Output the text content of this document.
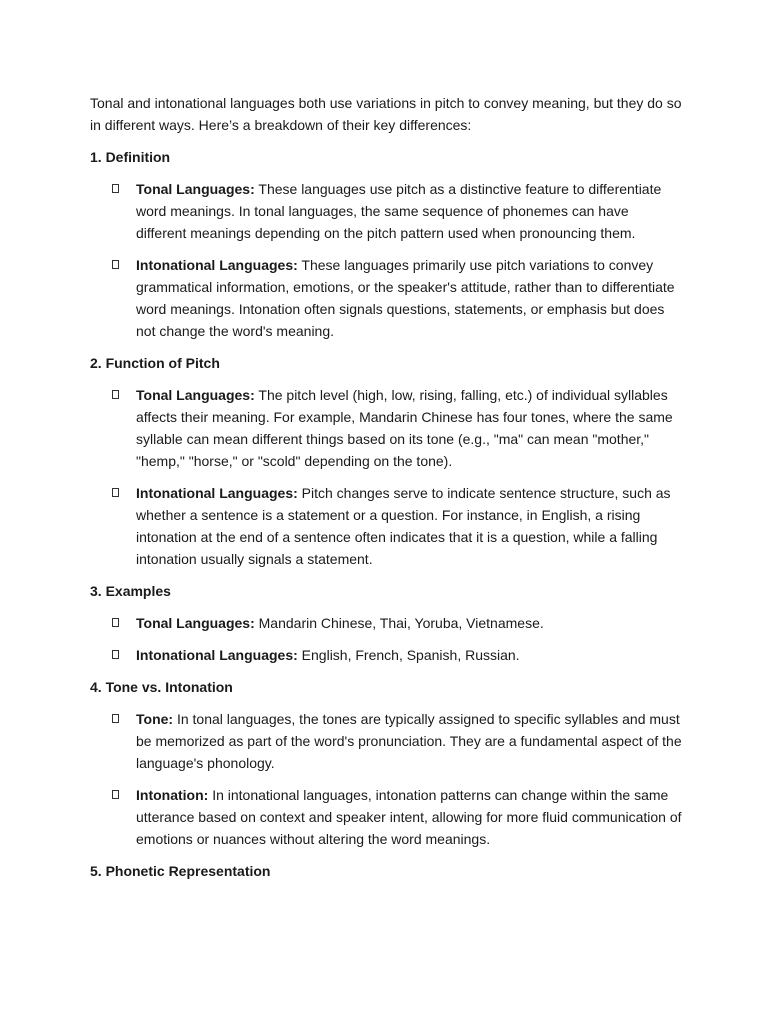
Tonal and intonational languages both use variations in pitch to convey meaning, but they do so in different ways. Here’s a breakdown of their key differences:

1. Definition

Tonal Languages: These languages use pitch as a distinctive feature to differentiate word meanings. In tonal languages, the same sequence of phonemes can have different meanings depending on the pitch pattern used when pronouncing them.
Intonational Languages: These languages primarily use pitch variations to convey grammatical information, emotions, or the speaker's attitude, rather than to differentiate word meanings. Intonation often signals questions, statements, or emphasis but does not change the word's meaning.

2. Function of Pitch

Tonal Languages: The pitch level (high, low, rising, falling, etc.) of individual syllables affects their meaning. For example, Mandarin Chinese has four tones, where the same syllable can mean different things based on its tone (e.g., "ma" can mean "mother," "hemp," "horse," or "scold" depending on the tone).
Intonational Languages: Pitch changes serve to indicate sentence structure, such as whether a sentence is a statement or a question. For instance, in English, a rising intonation at the end of a sentence often indicates that it is a question, while a falling intonation usually signals a statement.

3. Examples

Tonal Languages: Mandarin Chinese, Thai, Yoruba, Vietnamese.
Intonational Languages: English, French, Spanish, Russian.

4. Tone vs. Intonation

Tone: In tonal languages, the tones are typically assigned to specific syllables and must be memorized as part of the word's pronunciation. They are a fundamental aspect of the language's phonology.
Intonation: In intonational languages, intonation patterns can change within the same utterance based on context and speaker intent, allowing for more fluid communication of emotions or nuances without altering the word meanings.

5. Phonetic Representation
